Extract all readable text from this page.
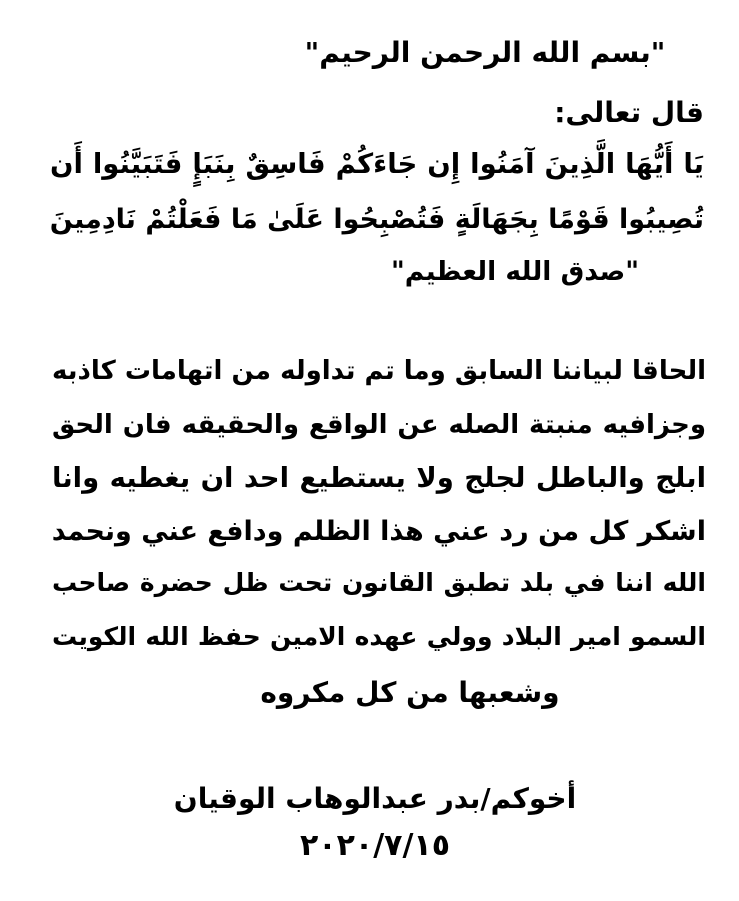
"بسم الله الرحمن الرحيم"
قال تعالى:
يَا أَيُّهَا الَّذِينَ آمَنُوا إِن جَاءَكُمْ فَاسِقٌ بِنَبَإٍ فَتَبَيَّنُوا أَن
تُصِيبُوا قَوْمًا بِجَهَالَةٍ فَتُصْبِحُوا عَلَىٰ مَا فَعَلْتُمْ نَادِمِينَ
"صدق الله العظيم"
الحاقا لبياننا السابق وما تم تداوله من اتهامات كاذبه
وجزافيه منبتة الصله عن الواقع والحقيقه فان الحق
ابلج والباطل لجلج ولا يستطيع احد ان يغطيه وانا
اشكر كل من رد عني هذا الظلم ودافع عني ونحمد
الله اننا في بلد تطبق القانون تحت ظل حضرة صاحب
السمو امير البلاد وولي عهده الامين حفظ الله الكويت
وشعبها من كل مكروه
أخوكم/بدر عبدالوهاب الوقيان
٢٠٢٠/٧/١٥
